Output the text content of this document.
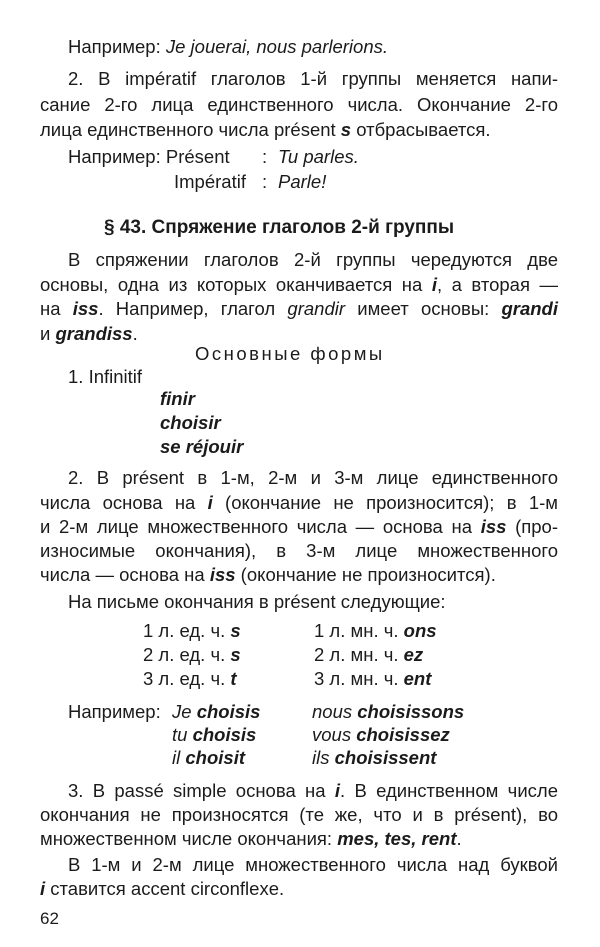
Например: Je jouerai, nous parlerions.
2. В impératif глаголов 1-й группы меняется напи-
сание 2-го лица единственного числа. Окончание 2-го
лица единственного числа présent s отбрасывается.
Например: Présent : Tu parles.
Impératif : Parle!
§ 43. Спряжение глаголов 2-й группы
В спряжении глаголов 2-й группы чередуются две
основы, одна из которых оканчивается на i, а вторая —
на iss. Например, глагол grandir имеет основы: grandi
и grandiss.
Основные формы
1. Infinitif
finir
choisir
se réjouir
2. В présent в 1-м, 2-м и 3-м лице единственного
числа основа на i (окончание не произносится); в 1-м
и 2-м лице множественного числа — основа на iss (про-
износимые окончания), в 3-м лице множественного
числа — основа на iss (окончание не произносится).
На письме окончания в présent следующие:
1 л. ед. ч. s	1 л. мн. ч. ons
2 л. ед. ч. s	2 л. мн. ч. ez
3 л. ед. ч. t	3 л. мн. ч. ent
Например: Je choisis	nous choisissons
tu choisis	vous choisissez
il choisit	ils choisissent
3. В passé simple основа на i. В единственном числе
окончания не произносятся (те же, что и в présent), во
множественном числе окончания: mes, tes, rent.
В 1-м и 2-м лице множественного числа над буквой
i ставится accent circonflexe.
62
